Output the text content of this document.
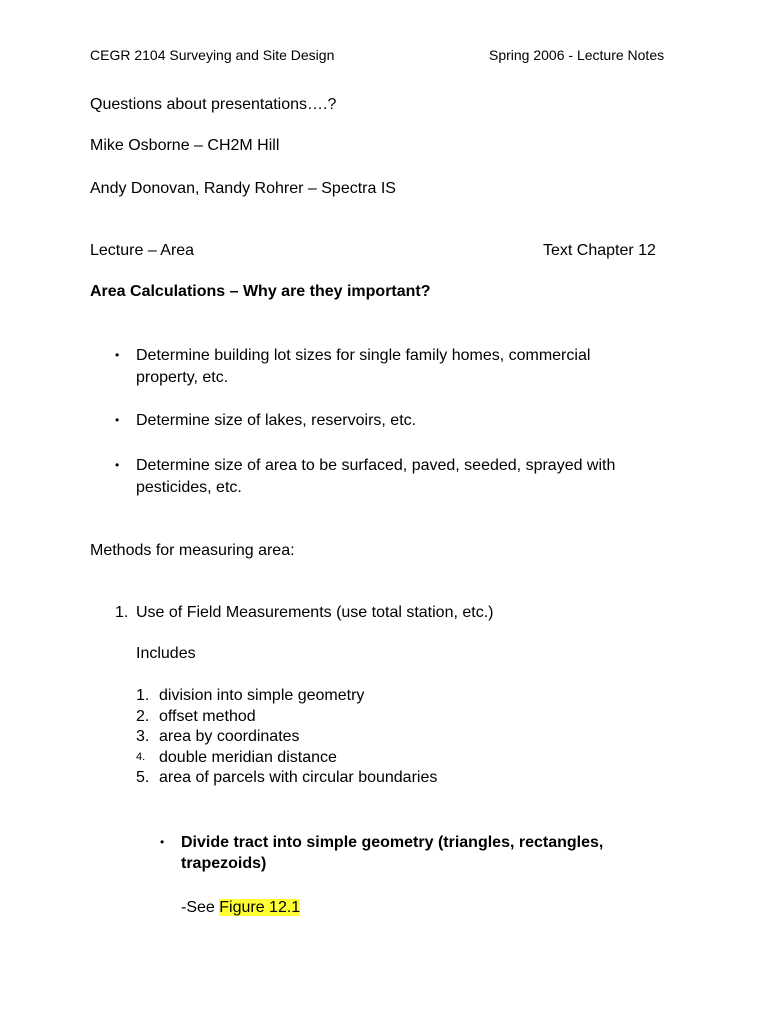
CEGR 2104 Surveying and Site Design	Spring 2006 - Lecture Notes
Questions about presentations….?
Mike Osborne – CH2M Hill
Andy Donovan, Randy Rohrer – Spectra IS
Lecture – Area	Text Chapter 12
Area Calculations – Why are they important?
• Determine building lot sizes for single family homes, commercial
property, etc.
• Determine size of lakes, reservoirs, etc.
• Determine size of area to be surfaced, paved, seeded, sprayed with
pesticides, etc.
Methods for measuring area:
1. Use of Field Measurements (use total station, etc.)
Includes
1. division into simple geometry
2. offset method
3. area by coordinates
4. double meridian distance
5. area of parcels with circular boundaries
• Divide tract into simple geometry (triangles, rectangles,
trapezoids)
-See Figure 12.1
